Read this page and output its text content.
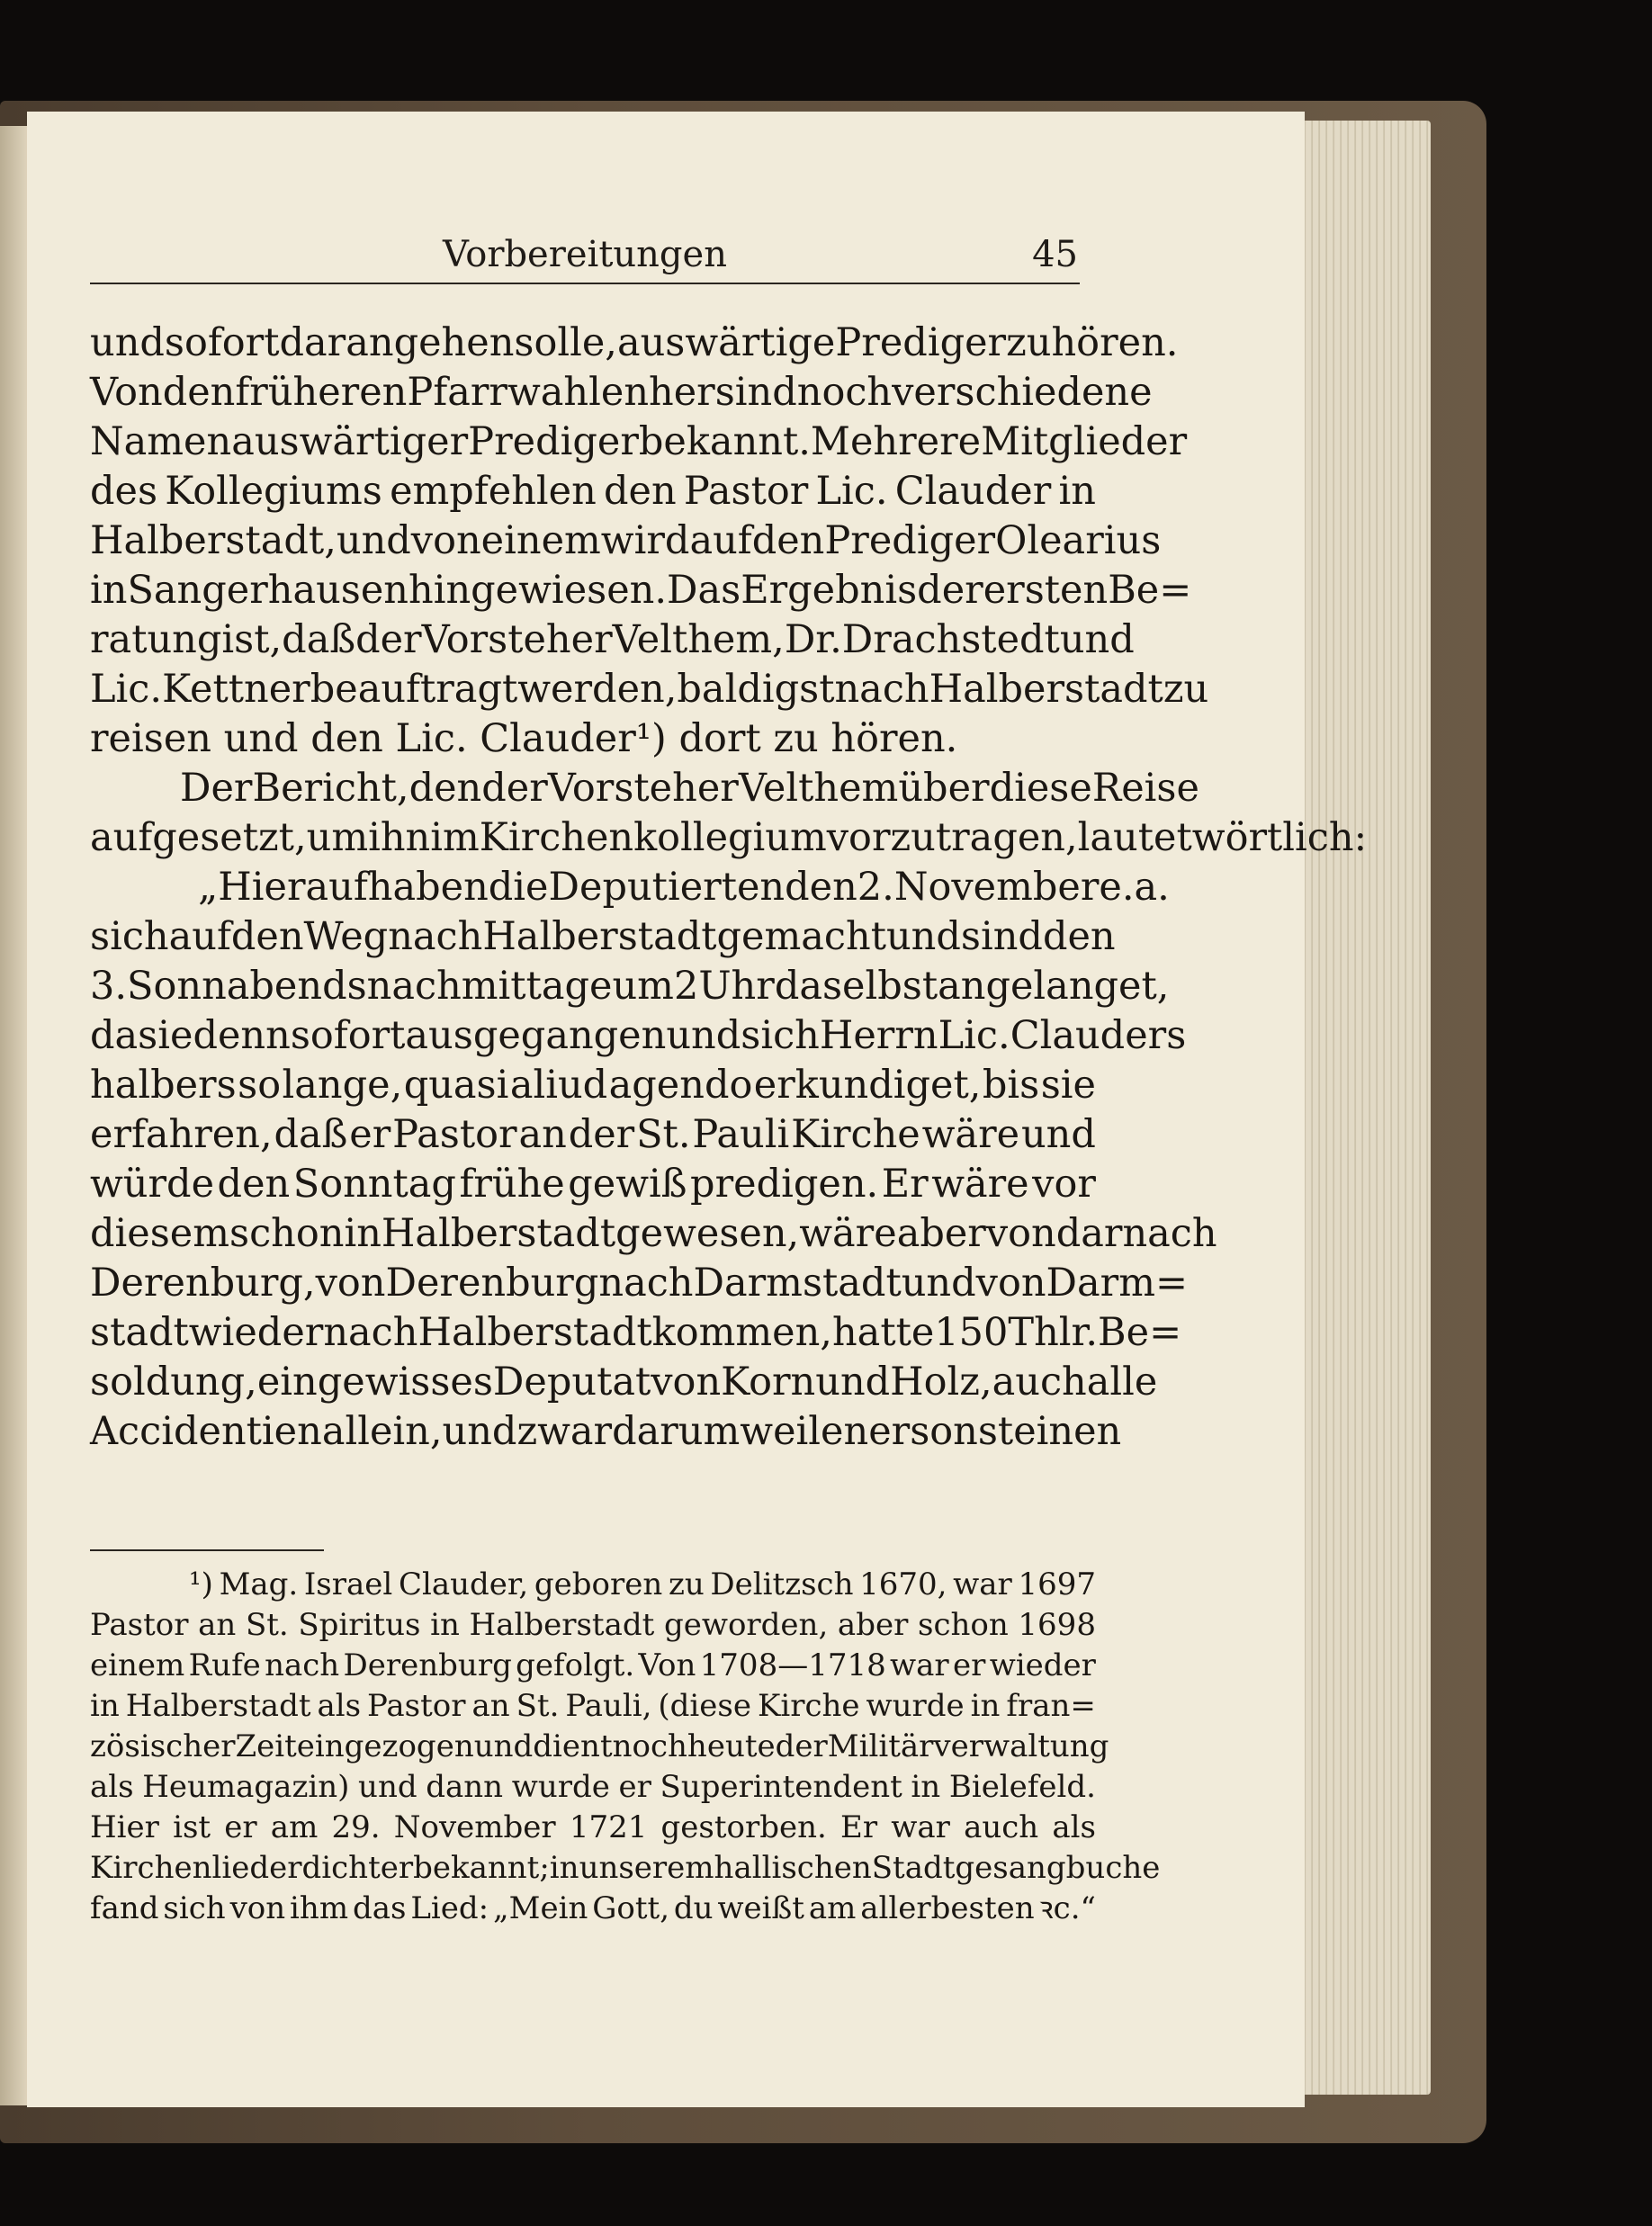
Vorbereitungen	45
und sofort daran gehen solle, auswärtige Prediger zu hören.
Von den früheren Pfarrwahlen her sind noch verschiedene
Namen auswärtiger Prediger bekannt. Mehrere Mitglieder
des Kollegiums empfehlen den Pastor Lic. Clauder in
Halberstadt, und von einem wird auf den Prediger Olearius
in Sangerhausen hingewiesen. Das Ergebnis der ersten Be=
ratung ist, daß der Vorsteher Velthem, Dr. Drachstedt und
Lic. Kettner beauftragt werden, baldigst nach Halberstadt zu
reisen und den Lic. Clauder¹) dort zu hören.
Der Bericht, den der Vorsteher Velthem über diese Reise
aufgesetzt, um ihn im Kirchenkollegium vorzutragen, lautet wörtlich:
„Hierauf haben die Deputierten den 2. November e. a.
sich auf den Weg nach Halberstadt gemacht und sind den
3. Sonnabends nachmittage um 2 Uhr daselbst angelanget,
da sie denn sofort ausgegangen und sich Herrn Lic. Clauders
halbers so lange, quasi aliud agendo erkundiget, bis sie
erfahren, daß er Pastor an der St. Pauli Kirche wäre und
würde den Sonntag frühe gewiß predigen. Er wäre vor
diesem schon in Halberstadt gewesen, wäre aber von dar nach
Derenburg, von Derenburg nach Darmstadt und von Darm=
stadt wieder nach Halberstadt kommen, hatte 150 Thlr. Be=
soldung, ein gewisses Deputat von Korn und Holz, auch alle
Accidentien allein, und zwar darum weilen er sonst einen
¹) Mag. Israel Clauder, geboren zu Delitzsch 1670, war 1697
Pastor an St. Spiritus in Halberstadt geworden, aber schon 1698
einem Rufe nach Derenburg gefolgt. Von 1708—1718 war er wieder
in Halberstadt als Pastor an St. Pauli, (diese Kirche wurde in fran=
zösischer Zeit eingezogen und dient noch heute der Militärverwaltung
als Heumagazin) und dann wurde er Superintendent in Bielefeld.
Hier ist er am 29. November 1721 gestorben. Er war auch als
Kirchenliederdichter bekannt; in unserem hallischen Stadtgesangbuche
fand sich von ihm das Lied: „Mein Gott, du weißt am allerbesten ꝛc.“
